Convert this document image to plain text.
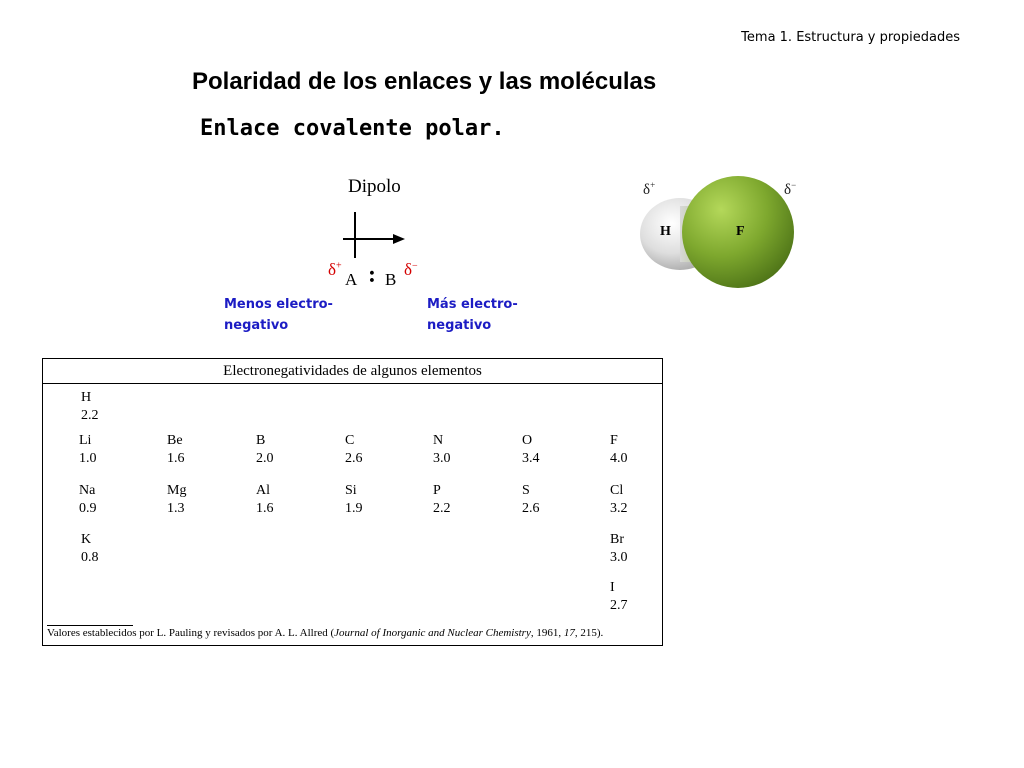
Tema 1. Estructura y propiedades
Polaridad de los enlaces y las moléculas
Enlace covalente polar.
Dipolo
δ+
A : B
δ−
Menos electro-
negativo
Más electro-
negativo
δ+	δ−
H	F
Electronegatividades de algunos elementos
H
2.2
Li
1.0
Be
1.6
B
2.0
C
2.6
N
3.0
O
3.4
F
4.0
Na
0.9
Mg
1.3
Al
1.6
Si
1.9
P
2.2
S
2.6
Cl
3.2
K
0.8
Br
3.0
I
2.7
Valores establecidos por L. Pauling y revisados por A. L. Allred (Journal of Inorganic and Nuclear Chemistry, 1961, 17, 215).
